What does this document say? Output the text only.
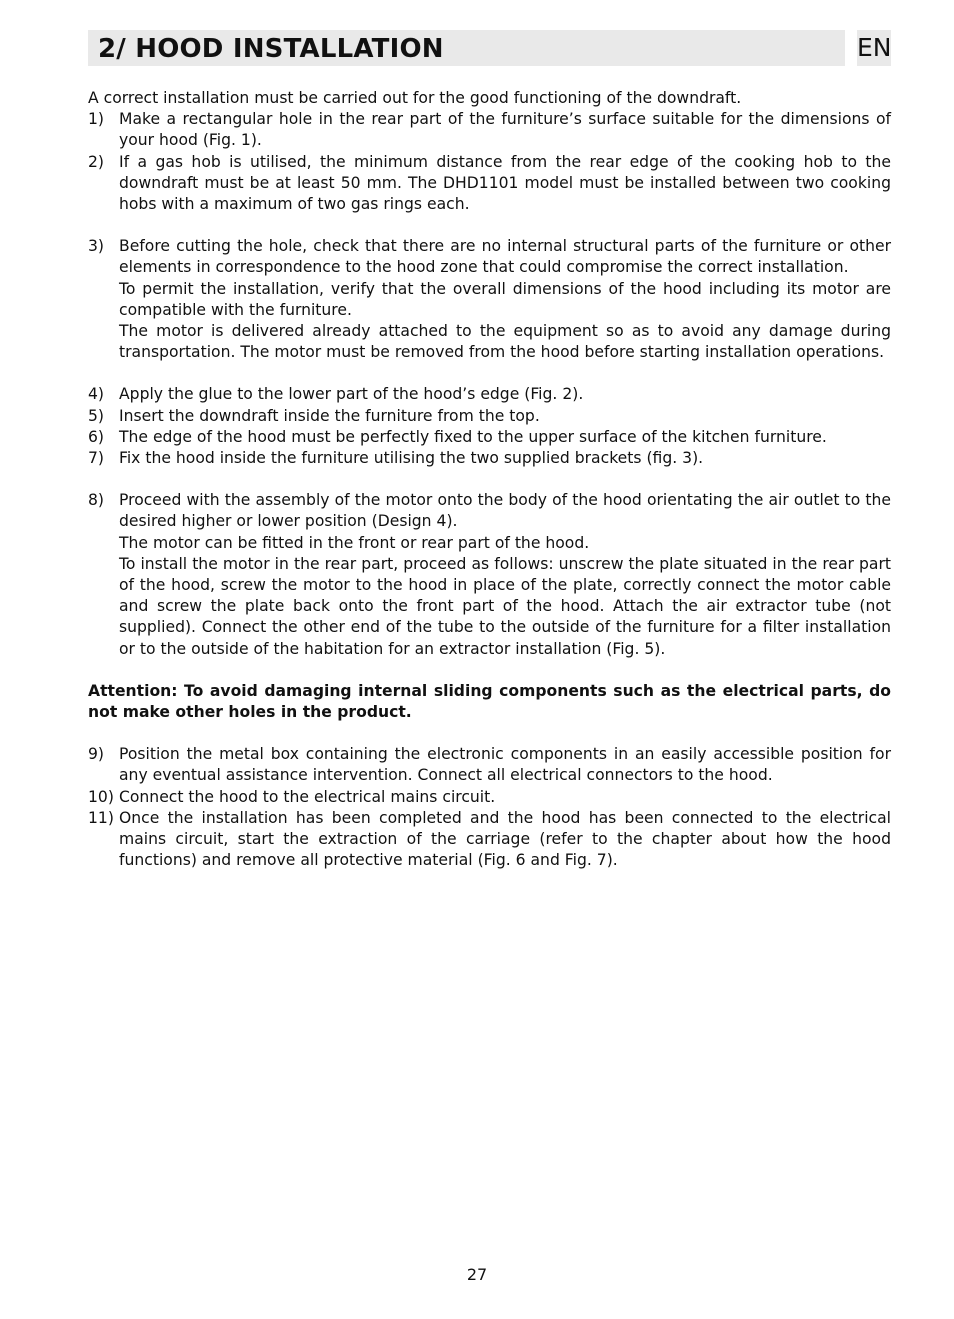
2/ HOOD INSTALLATION	EN

A correct installation must be carried out for the good functioning of the downdraft.

1) Make a rectangular hole in the rear part of the furniture’s surface suitable for the dimensions of your hood (Fig. 1).
2) If a gas hob is utilised, the minimum distance from the rear edge of the cooking hob to the downdraft must be at least 50 mm. The DHD1101 model must be installed between two cooking hobs with a maximum of two gas rings each.
3) Before cutting the hole, check that there are no internal structural parts of the furniture or other elements in correspondence to the hood zone that could compromise the correct installation.
To permit the installation, verify that the overall dimensions of the hood including its motor are compatible with the furniture.
The motor is delivered already attached to the equipment so as to avoid any damage during transportation. The motor must be removed from the hood before starting installation operations.
4) Apply the glue to the lower part of the hood’s edge (Fig. 2).
5) Insert the downdraft inside the furniture from the top.
6) The edge of the hood must be perfectly fixed to the upper surface of the kitchen furniture.
7) Fix the hood inside the furniture utilising the two supplied brackets (fig. 3).
8) Proceed with the assembly of the motor onto the body of the hood orientating the air outlet to the desired higher or lower position (Design 4).
The motor can be fitted in the front or rear part of the hood.
To install the motor in the rear part, proceed as follows: unscrew the plate situated in the rear part of the hood, screw the motor to the hood in place of the plate, correctly connect the motor cable and screw the plate back onto the front part of the hood. Attach the air extractor tube (not supplied). Connect the other end of the tube to the outside of the furniture for a filter installation or to the outside of the habitation for an extractor installation (Fig. 5).

Attention: To avoid damaging internal sliding components such as the electrical parts, do not make other holes in the product.

9) Position the metal box containing the electronic components in an easily accessible position for any eventual assistance intervention. Connect all electrical connectors to the hood.
10) Connect the hood to the electrical mains circuit.
11) Once the installation has been completed and the hood has been connected to the electrical mains circuit, start the extraction of the carriage (refer to the chapter about how the hood functions) and remove all protective material (Fig. 6 and Fig. 7).
27
